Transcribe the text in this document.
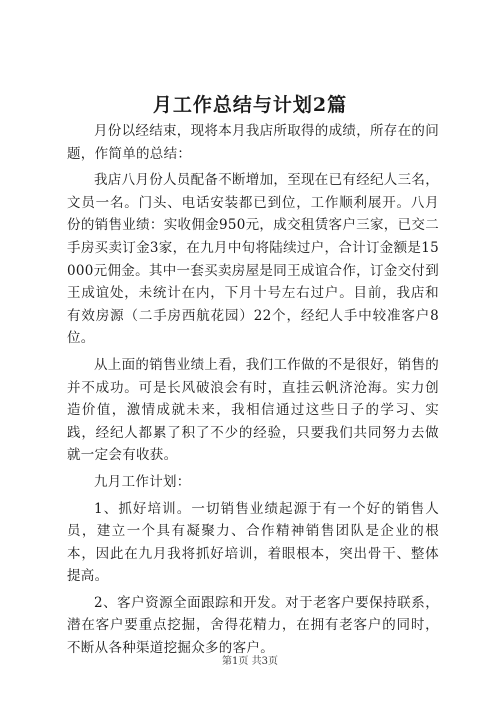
月工作总结与计划2篇

月份以经结束，现将本月我店所取得的成绩，所存在的问题，作简单的总结：

我店八月份人员配备不断增加，至现在已有经纪人三名，文员一名。门头、电话安装都已到位，工作顺利展开。八月份的销售业绩：实收佣金950元，成交租赁客户三家，已交二手房买卖订金3家，在九月中旬将陆续过户，合计订金额是15000元佣金。其中一套买卖房屋是同王成谊合作，订金交付到王成谊处，未统计在内，下月十号左右过户。目前，我店和有效房源（二手房西航花园）22个，经纪人手中较准客户8位。

从上面的销售业绩上看，我们工作做的不是很好，销售的并不成功。可是长风破浪会有时，直挂云帆济沧海。实力创造价值，激情成就未来，我相信通过这些日子的学习、实践，经纪人都累了积了不少的经验，只要我们共同努力去做就一定会有收获。

九月工作计划：

1、抓好培训。一切销售业绩起源于有一个好的销售人员，建立一个具有凝聚力、合作精神销售团队是企业的根本，因此在九月我将抓好培训，着眼根本，突出骨干、整体提高。

2、客户资源全面跟踪和开发。对于老客户要保持联系，潜在客户要重点挖掘，舍得花精力，在拥有老客户的同时，不断从各种渠道挖掘众多的客户。

第1页 共3页
